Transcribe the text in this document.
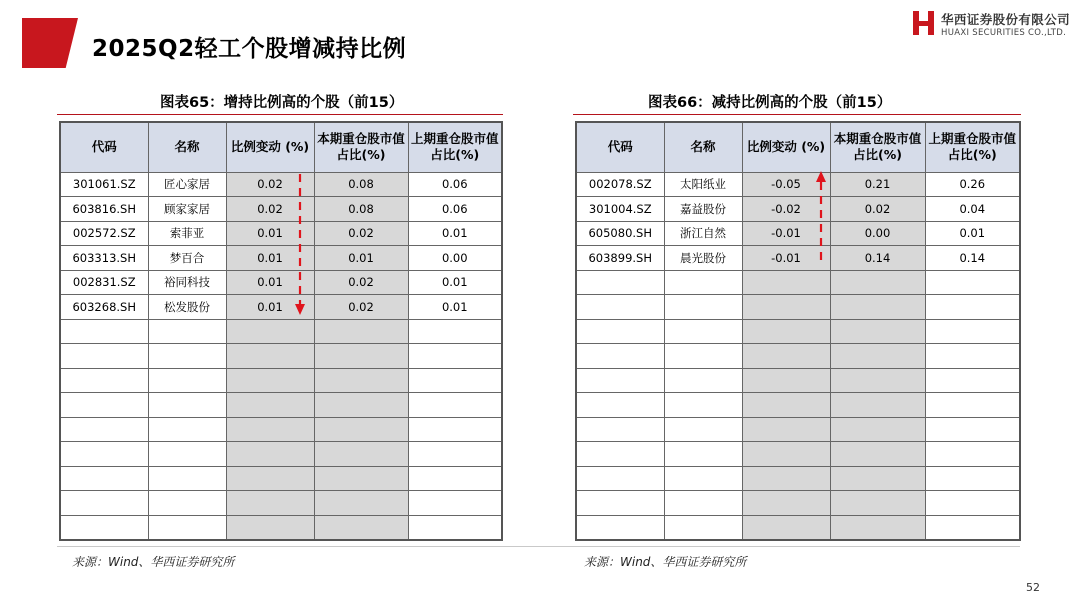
2025Q2轻工个股增减持比例
华西证券股份有限公司
HUAXI SECURITIES CO.,LTD.
图表65：增持比例高的个股（前15）
代码	名称	比例变动 (%)	本期重仓股市值占比(%)	上期重仓股市值占比(%)
301061.SZ	匠心家居	0.02	0.08	0.06
603816.SH	顾家家居	0.02	0.08	0.06
002572.SZ	索菲亚	0.01	0.02	0.01
603313.SH	梦百合	0.01	0.01	0.00
002831.SZ	裕同科技	0.01	0.02	0.01
603268.SH	松发股份	0.01	0.02	0.01

图表66：减持比例高的个股（前15）
代码	名称	比例变动 (%)	本期重仓股市值占比(%)	上期重仓股市值占比(%)
002078.SZ	太阳纸业	-0.05	0.21	0.26
301004.SZ	嘉益股份	-0.02	0.02	0.04
605080.SH	浙江自然	-0.01	0.00	0.01
603899.SH	晨光股份	-0.01	0.14	0.14

来源：Wind、华西证券研究所	来源：Wind、华西证券研究所
52
